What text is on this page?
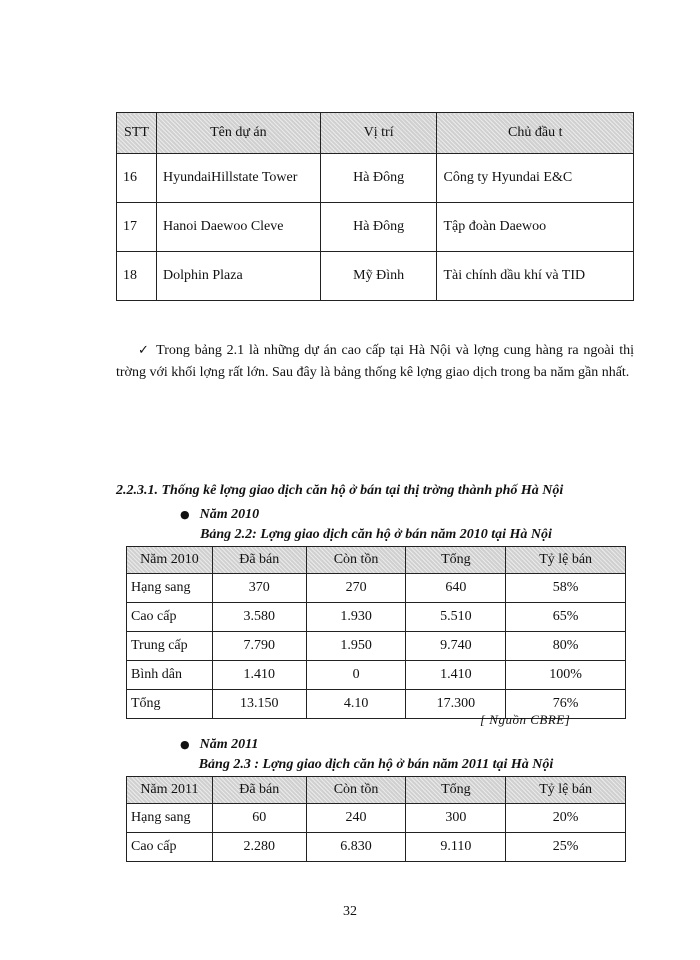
STT	Tên dự án	Vị trí	Chủ đầu t
16	HyundaiHillstate Tower	Hà Đông	Công ty Hyundai E&C
17	Hanoi Daewoo Cleve	Hà Đông	Tập đoàn Daewoo
18	Dolphin Plaza	Mỹ Đình	Tài chính dầu khí và TID

✓ Trong bảng 2.1 là những dự án cao cấp tại Hà Nội và lợng cung hàng ra ngoài thị trờng với khối lợng rất lớn. Sau đây là bảng thống kê lợng giao dịch trong ba năm gần nhất.

2.2.3.1. Thống kê lợng giao dịch căn hộ ở bán tại thị trờng thành phố Hà Nội

● Năm 2010
Bảng 2.2: Lợng giao dịch căn hộ ở bán năm 2010 tại Hà Nội
Năm 2010	Đã bán	Còn tồn	Tổng	Tỷ lệ bán
Hạng sang	370	270	640	58%
Cao cấp	3.580	1.930	5.510	65%
Trung cấp	7.790	1.950	9.740	80%
Bình dân	1.410	0	1.410	100%
Tổng	13.150	4.10	17.300	76%
[ Nguồn CBRE]
● Năm 2011
Bảng 2.3 : Lợng giao dịch căn hộ ở bán năm 2011 tại Hà Nội
Năm 2011	Đã bán	Còn tồn	Tổng	Tỷ lệ bán
Hạng sang	60	240	300	20%
Cao cấp	2.280	6.830	9.110	25%
32
